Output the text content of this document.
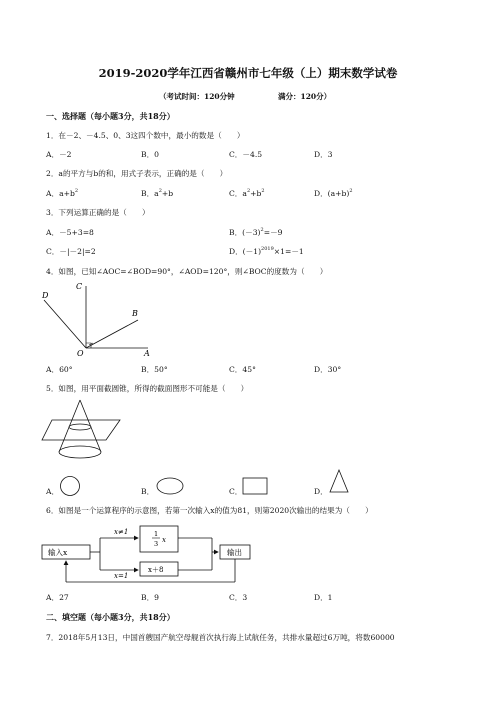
2019-2020学年江西省赣州市七年级（上）期末数学试卷
（考试时间：120分钟	满分：120分）
一、选择题（每小题3分，共18分）
1．在－2、－4.5、0、3这四个数中，最小的数是（　　）
A．－2	B．0	C．－4.5	D．3
2．a的平方与b的和，用式子表示，正确的是（　　）
A．$a+b^2$	B．$a^2+b$	C．$a^2+b^2$	D．$(a+b)^2$
3．下列运算正确的是（　　）
A．－5+3=8	B．$(-3)^2=-9$
C．－|－2|=2	D．$(-1)^{2019}\times 1=-1$
4．如图，已知∠AOC=∠BOD=90°，∠AOD=120°，则∠BOC的度数为（　　）
D
C
B
O	A
A．60°	B．50°	C．45°	D．30°
5．如图，用平面截圆锥，所得的截面图形不可能是（　　）
A．	B．	C．	D．
6．如图是一个运算程序的示意图，若第一次输入x的值为81，则第2020次输出的结果为（　　）
输入x
x≠1
x=1
1
3 x
x＋8
输出
A．27	B．9	C．3	D．1
二、填空题（每小题3分，共18分）
7．2018年5月13日，中国首艘国产航空母舰首次执行海上试航任务，共排水量超过6万吨，将数60000
